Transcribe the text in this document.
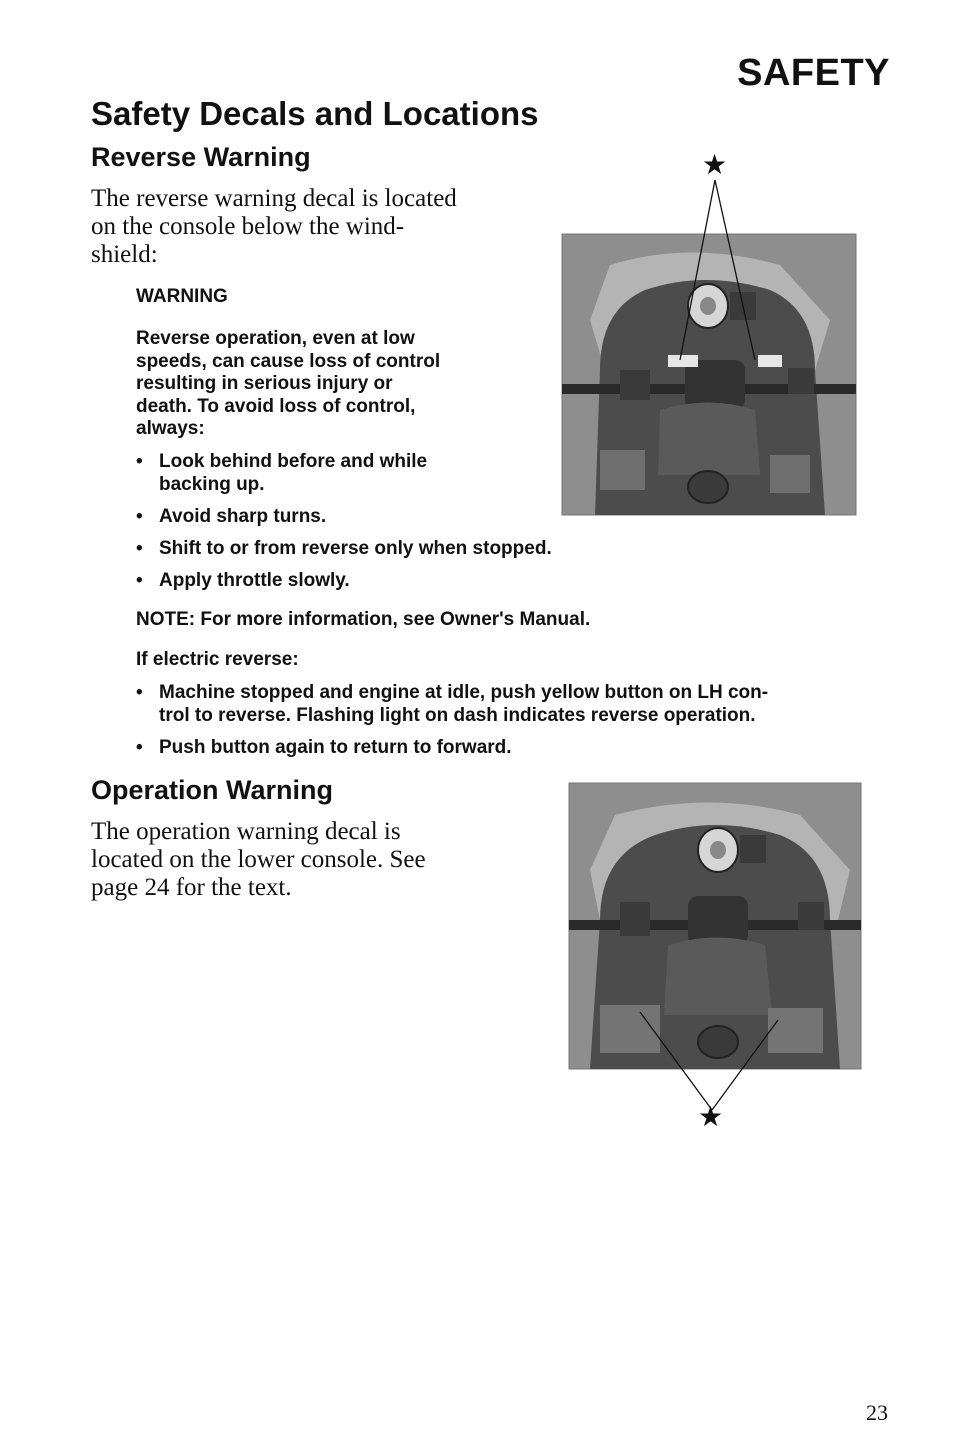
SAFETY
Safety Decals and Locations
Reverse Warning
The reverse warning decal is located
on the console below the wind-
shield:
WARNING
Reverse operation, even at low
speeds, can cause loss of control
resulting in serious injury or
death. To avoid loss of control,
always:
• Look behind before and while
backing up.
• Avoid sharp turns.
• Shift to or from reverse only when stopped.
• Apply throttle slowly.
NOTE: For more information, see Owner's Manual.
If electric reverse:
• Machine stopped and engine at idle, push yellow button on LH con-
trol to reverse. Flashing light on dash indicates reverse operation.
• Push button again to return to forward.
★
Operation Warning
The operation warning decal is
located on the lower console. See
page 24 for the text.
★
23
